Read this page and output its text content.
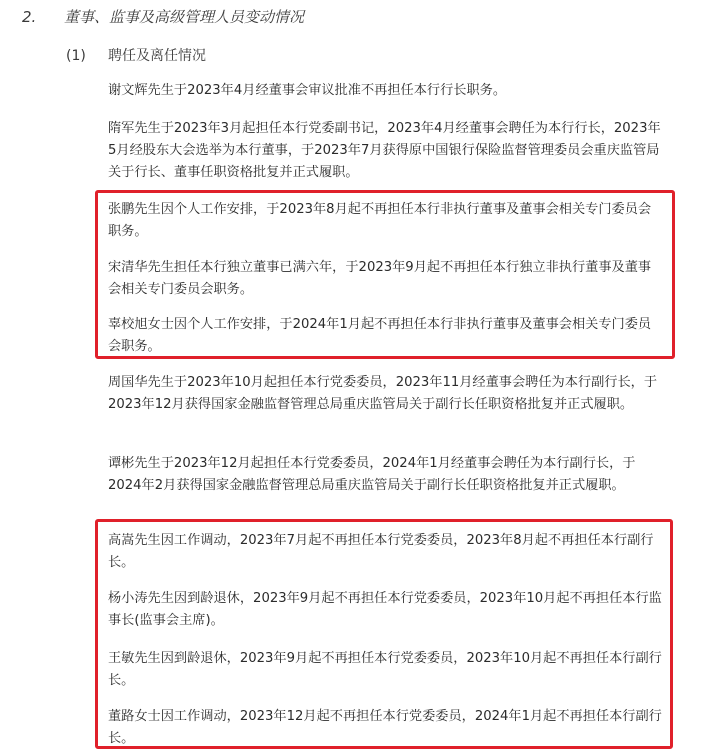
2. 董事、监事及高级管理人员变动情况
(1) 聘任及离任情况

谢文辉先生于2023年4月经董事会审议批准不再担任本行行长职务。

隋军先生于2023年3月起担任本行党委副书记，2023年4月经董事会聘任为本行行长，2023年5月经股东大会选举为本行董事，于2023年7月获得原中国银行保险监督管理委员会重庆监管局关于行长、董事任职资格批复并正式履职。

张鹏先生因个人工作安排，于2023年8月起不再担任本行非执行董事及董事会相关专门委员会职务。

宋清华先生担任本行独立董事已满六年，于2023年9月起不再担任本行独立非执行董事及董事会相关专门委员会职务。

辜校旭女士因个人工作安排，于2024年1月起不再担任本行非执行董事及董事会相关专门委员会职务。

周国华先生于2023年10月起担任本行党委委员，2023年11月经董事会聘任为本行副行长，于2023年12月获得国家金融监督管理总局重庆监管局关于副行长任职资格批复并正式履职。

谭彬先生于2023年12月起担任本行党委委员，2024年1月经董事会聘任为本行副行长，于2024年2月获得国家金融监督管理总局重庆监管局关于副行长任职资格批复并正式履职。

高嵩先生因工作调动，2023年7月起不再担任本行党委委员，2023年8月起不再担任本行副行长。

杨小涛先生因到龄退休，2023年9月起不再担任本行党委委员，2023年10月起不再担任本行监事长(监事会主席)。

王敏先生因到龄退休，2023年9月起不再担任本行党委委员，2023年10月起不再担任本行副行长。

董路女士因工作调动，2023年12月起不再担任本行党委委员，2024年1月起不再担任本行副行长。
